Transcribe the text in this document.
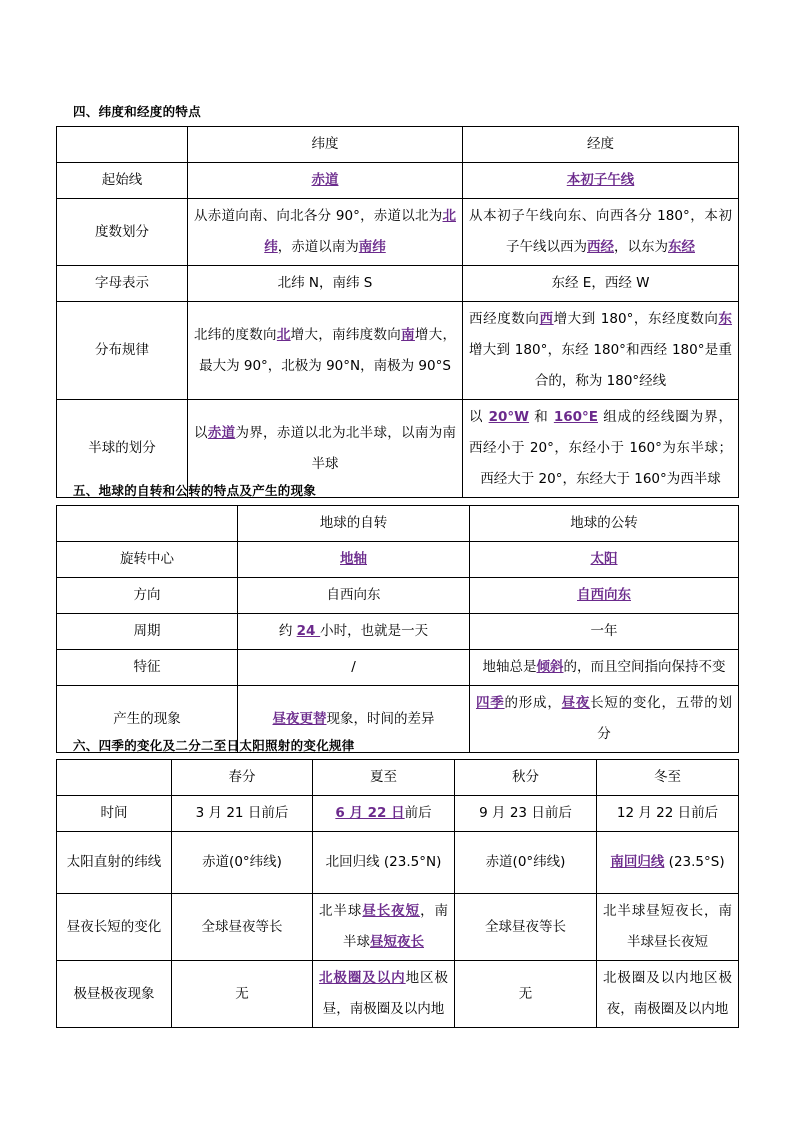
四、纬度和经度的特点
	纬度	经度
起始线	赤道	本初子午线
度数划分	从赤道向南、向北各分 90°，赤道以北为北纬，赤道以南为南纬	从本初子午线向东、向西各分 180°，本初子午线以西为西经，以东为东经
字母表示	北纬 N，南纬 S	东经 E，西经 W
分布规律	北纬的度数向北增大，南纬度数向南增大，最大为 90°，北极为 90°N，南极为 90°S	西经度数向西增大到 180°，东经度数向东增大到 180°，东经 180°和西经 180°是重合的，称为 180°经线
半球的划分	以赤道为界，赤道以北为北半球，以南为南半球	以 20°W 和 160°E 组成的经线圈为界，西经小于 20°，东经小于 160°为东半球；西经大于 20°，东经大于 160°为西半球
五、地球的自转和公转的特点及产生的现象
	地球的自转	地球的公转
旋转中心	地轴	太阳
方向	自西向东	自西向东
周期	约 24 小时，也就是一天	一年
特征	/	地轴总是倾斜的，而且空间指向保持不变
产生的现象	昼夜更替现象，时间的差异	四季的形成，昼夜长短的变化，五带的划分
六、四季的变化及二分二至日太阳照射的变化规律
	春分	夏至	秋分	冬至
时间	3 月 21 日前后	6 月 22 日前后	9 月 23 日前后	12 月 22 日前后
太阳直射的纬线	赤道(0°纬线)	北回归线 (23.5°N)	赤道(0°纬线)	南回归线 (23.5°S)
昼夜长短的变化	全球昼夜等长	北半球昼长夜短，南半球昼短夜长	全球昼夜等长	北半球昼短夜长，南半球昼长夜短
极昼极夜现象	无	北极圈及以内地区极昼，南极圈及以内地	无	北极圈及以内地区极夜，南极圈及以内地
